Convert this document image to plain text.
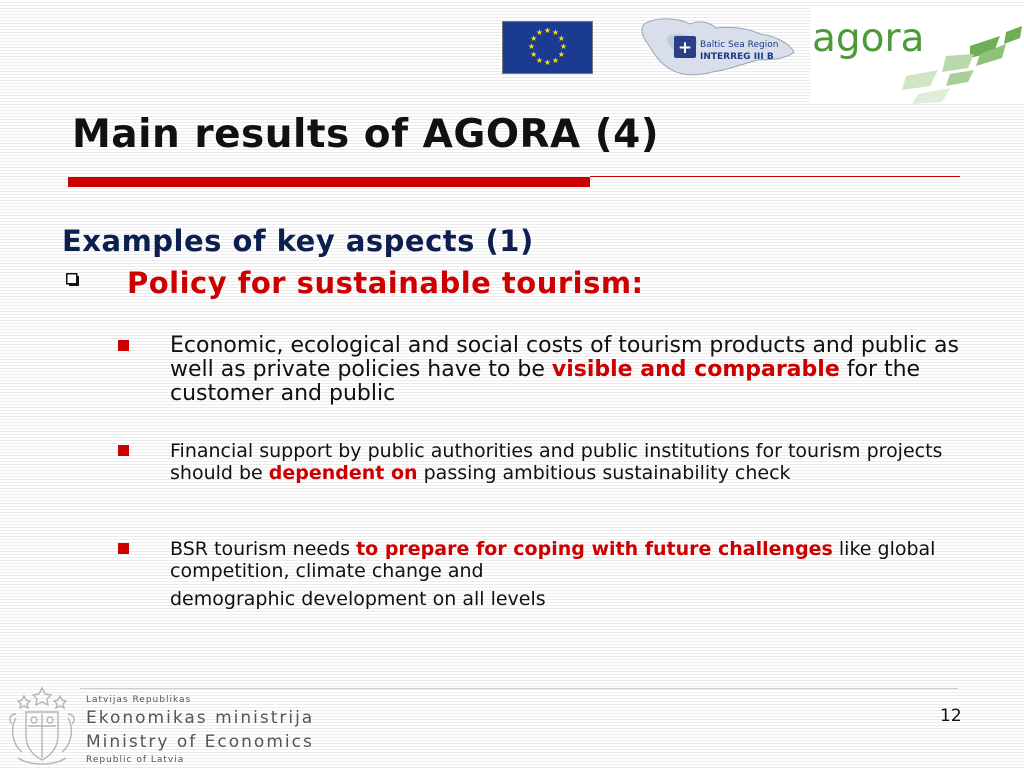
★ ★
★
★
★
★
★
★
★
★
★
★
+ Baltic Sea Region
INTERREG III B agora
Main results of AGORA (4)
Examples of key aspects (1)
Policy for sustainable tourism:

Economic, ecological and social costs of tourism products and public as well as private policies have to be visible and comparable for the customer and public

Financial support by public authorities and public institutions for tourism projects should be dependent on passing ambitious sustainability check

BSR tourism needs to prepare for coping with future challenges like global competition, climate change and

demographic development on all levels

12
Latvijas Republikas
Ekonomikas ministrija
Ministry of Economics
Republic of Latvia
